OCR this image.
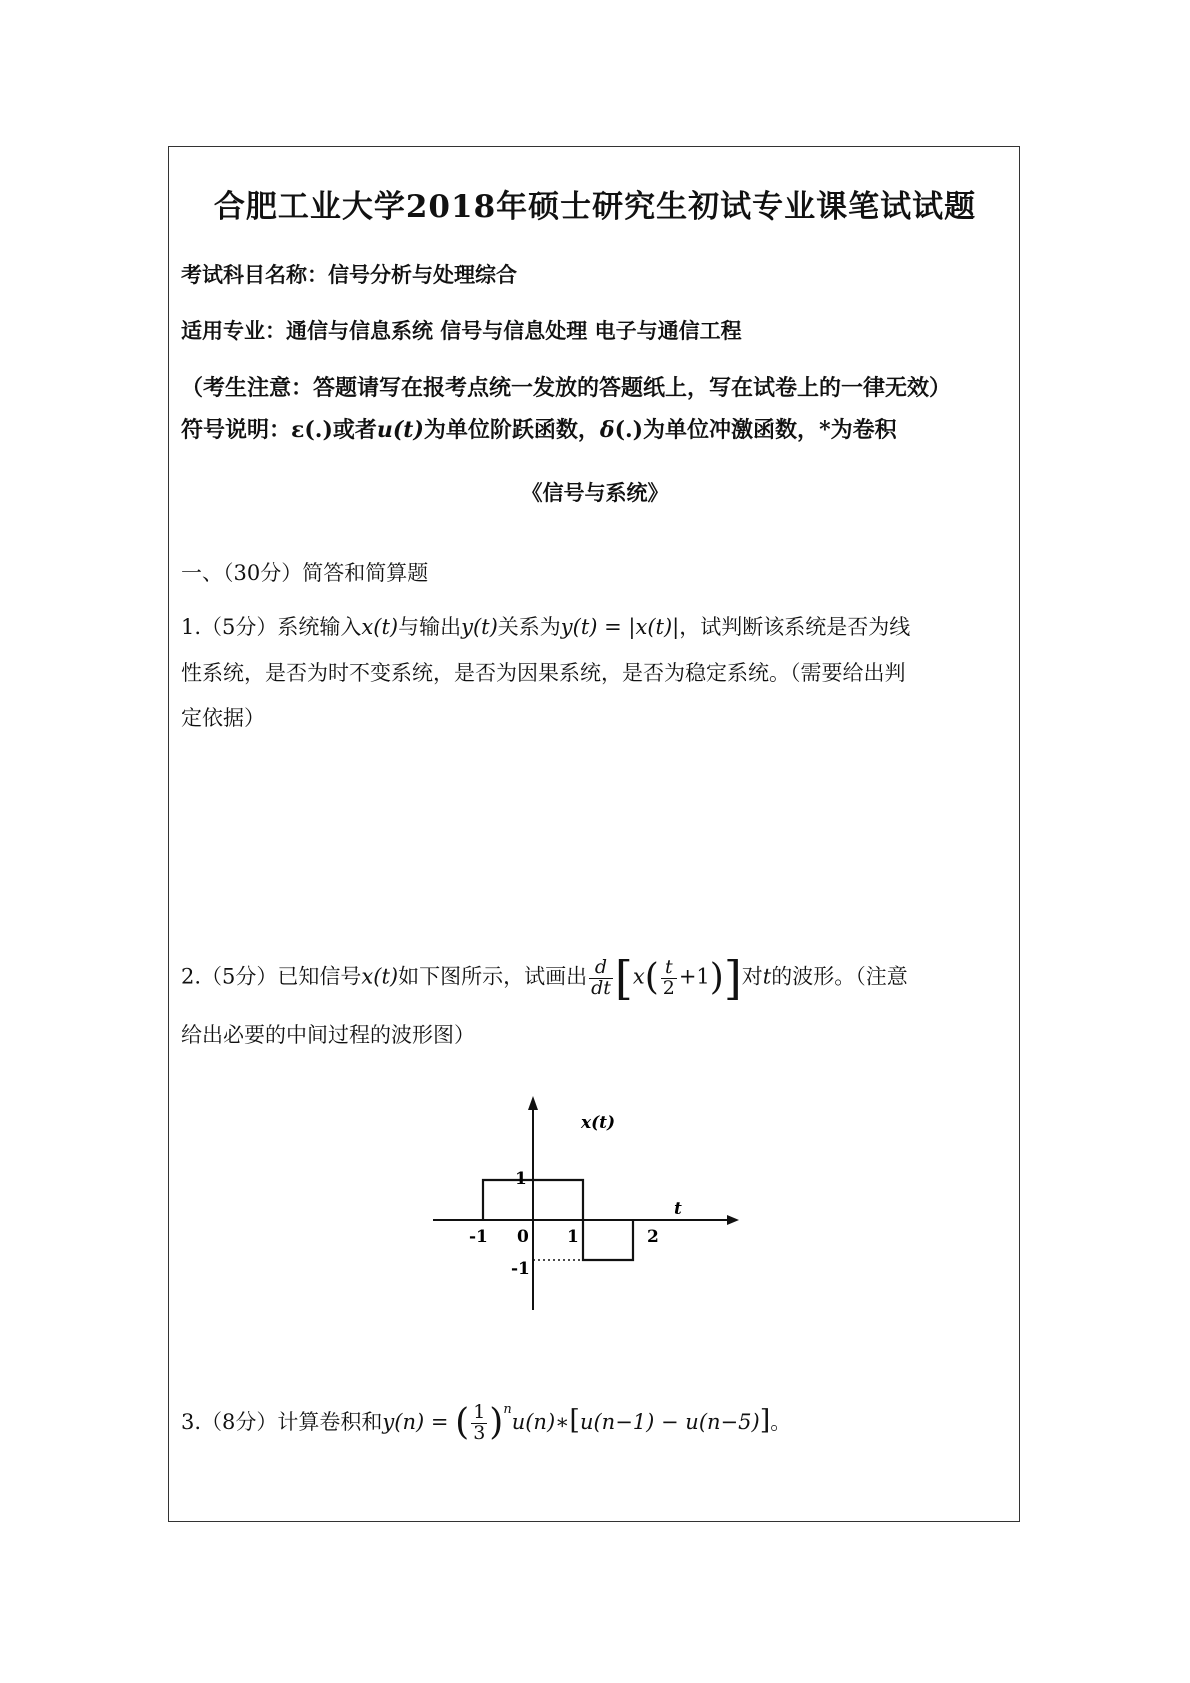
合肥工业大学2018年硕士研究生初试专业课笔试试题
考试科目名称：信号分析与处理综合
适用专业：通信与信息系统 信号与信息处理 电子与通信工程
（考生注意：答题请写在报考点统一发放的答题纸上，写在试卷上的一律无效）
符号说明：ε(.)或者u(t)为单位阶跃函数，δ(.)为单位冲激函数，*为卷积
《信号与系统》
一、（30分）简答和简算题
1.（5分）系统输入x(t)与输出y(t)关系为y(t) = |x(t)|，试判断该系统是否为线
性系统，是否为时不变系统，是否为因果系统，是否为稳定系统。（需要给出判
定依据）
2.（5分）已知信号x(t)如下图所示，试画出 $\frac{d}{dt} [x( \frac{t}{2} +1)]$对t的波形。（注意
给出必要的中间过程的波形图）
x(t)
t
-1 0 1	2
1
-1
3.（8分）计算卷积和y(n) = ( $\frac{1}{3}$ )$^n$u(n)∗[u(n−1) − u(n−5)]。
